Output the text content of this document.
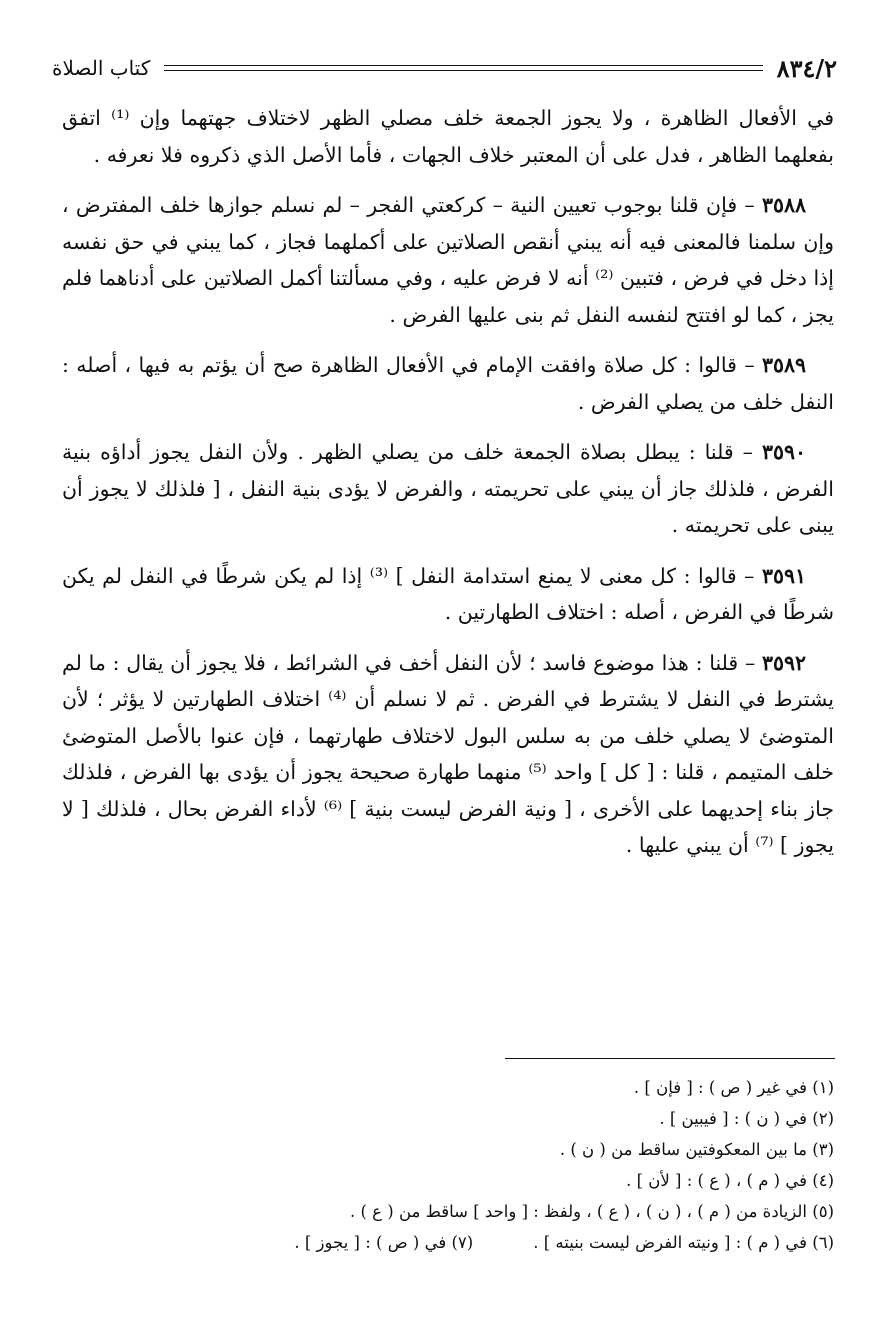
٨٣٤/٢
كتاب الصلاة

في الأفعال الظاهرة ، ولا يجوز الجمعة خلف مصلي الظهر لاختلاف جهتهما وإن ⁽¹⁾ اتفق بفعلهما الظاهر ، فدل على أن المعتبر خلاف الجهات ، فأما الأصل الذي ذكروه فلا نعرفه .

٣٥٨٨ – فإن قلنا بوجوب تعيين النية – كركعتي الفجر – لم نسلم جوازها خلف المفترض ، وإن سلمنا فالمعنى فيه أنه يبني أنقص الصلاتين على أكملهما فجاز ، كما يبني في حق نفسه إذا دخل في فرض ، فتبين ⁽²⁾ أنه لا فرض عليه ، وفي مسألتنا أكمل الصلاتين على أدناهما فلم يجز ، كما لو افتتح لنفسه النفل ثم بنى عليها الفرض .

٣٥٨٩ – قالوا : كل صلاة وافقت الإمام في الأفعال الظاهرة صح أن يؤتم به فيها ، أصله : النفل خلف من يصلي الفرض .

٣٥٩٠ – قلنا : يبطل بصلاة الجمعة خلف من يصلي الظهر . ولأن النفل يجوز أداؤه بنية الفرض ، فلذلك جاز أن يبني على تحريمته ، والفرض لا يؤدى بنية النفل ، [ فلذلك لا يجوز أن يبنى على تحريمته .

٣٥٩١ – قالوا : كل معنى لا يمنع استدامة النفل ] ⁽³⁾ إذا لم يكن شرطًا في النفل لم يكن شرطًا في الفرض ، أصله : اختلاف الطهارتين .

٣٥٩٢ – قلنا : هذا موضوع فاسد ؛ لأن النفل أخف في الشرائط ، فلا يجوز أن يقال : ما لم يشترط في النفل لا يشترط في الفرض . ثم لا نسلم أن ⁽⁴⁾ اختلاف الطهارتين لا يؤثر ؛ لأن المتوضئ لا يصلي خلف من به سلس البول لاختلاف طهارتهما ، فإن عنوا بالأصل المتوضئ خلف المتيمم ، قلنا : [ كل ] واحد ⁽⁵⁾ منهما طهارة صحيحة يجوز أن يؤدى بها الفرض ، فلذلك جاز بناء إحديهما على الأخرى ، [ ونية الفرض ليست بنية ] ⁽⁶⁾ لأداء الفرض بحال ، فلذلك [ لا يجوز ] ⁽⁷⁾ أن يبني عليها .

(١) في غير ( ص ) : [ فإن ] .

(٢) في ( ن ) : [ فيبين ] .

(٣) ما بين المعكوفتين ساقط من ( ن ) .

(٤) في ( م ) ، ( ع ) : [ لأن ] .

(٥) الزيادة من ( م ) ، ( ن ) ، ( ع ) ، ولفظ : [ واحد ] ساقط من ( ع ) .

(٦) في ( م ) : [ ونيته الفرض ليست بنيته ] .
(٧) في ( ص ) : [ يجوز ] .
